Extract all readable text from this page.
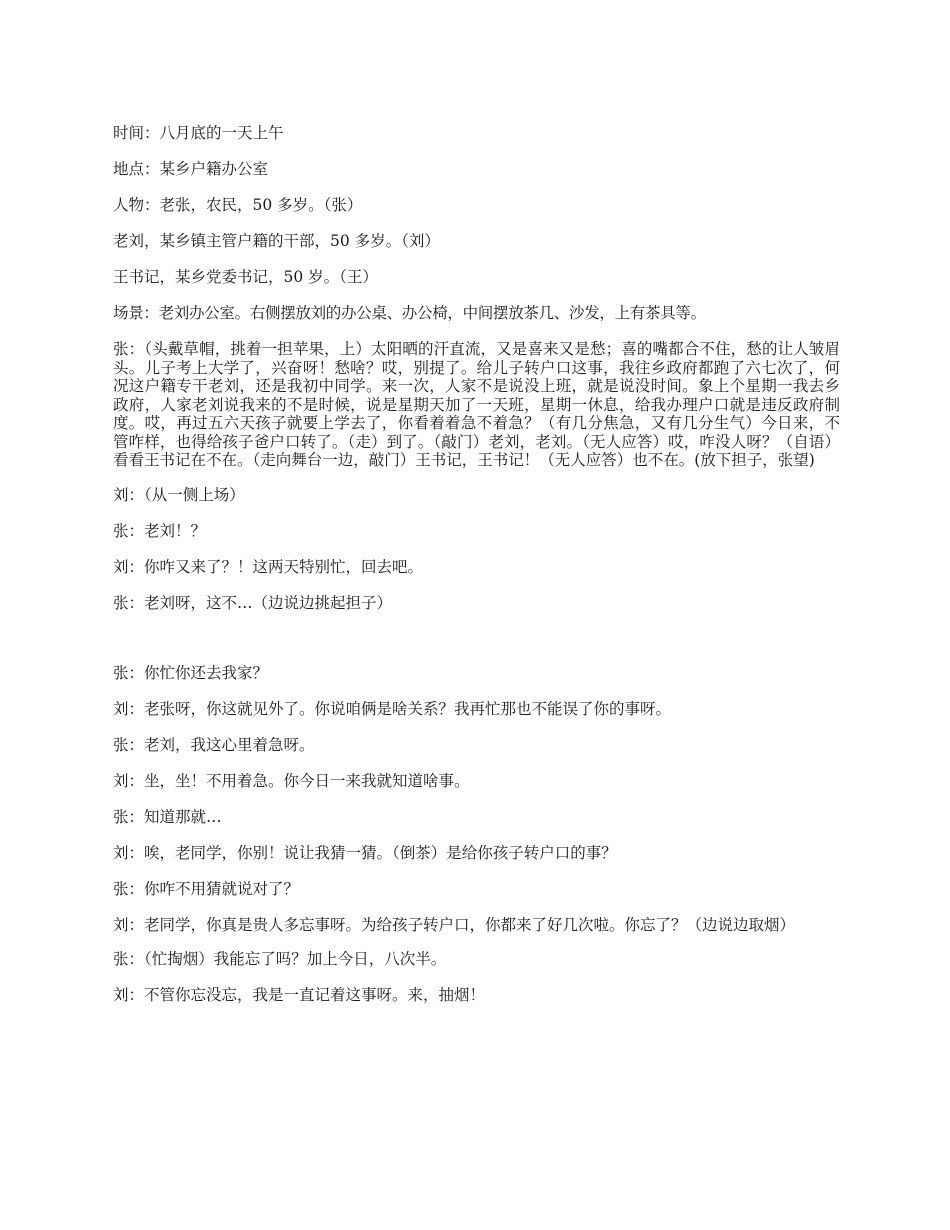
时间：八月底的一天上午

地点：某乡户籍办公室

人物：老张，农民，50 多岁。（张）

老刘，某乡镇主管户籍的干部，50 多岁。（刘）

王书记，某乡党委书记，50 岁。（王）

场景：老刘办公室。右侧摆放刘的办公桌、办公椅，中间摆放茶几、沙发，上有茶具等。

张：（头戴草帽，挑着一担苹果，上）太阳晒的汗直流，又是喜来又是愁；喜的嘴都合不住，愁的让人皱眉头。儿子考上大学了，兴奋呀！愁啥？哎，别提了。给儿子转户口这事，我往乡政府都跑了六七次了，何况这户籍专干老刘，还是我初中同学。来一次，人家不是说没上班，就是说没时间。象上个星期一我去乡政府，人家老刘说我来的不是时候，说是星期天加了一天班，星期一休息，给我办理户口就是违反政府制度。哎，再过五六天孩子就要上学去了，你看着着急不着急？（有几分焦急，又有几分生气）今日来，不管咋样，也得给孩子爸户口转了。（走）到了。（敲门）老刘，老刘。（无人应答）哎，咋没人呀？（自语）看看王书记在不在。（走向舞台一边，敲门）王书记，王书记！（无人应答）也不在。(放下担子，张望)

刘：（从一侧上场）

张：老刘！？

刘：你咋又来了？！这两天特别忙，回去吧。

张：老刘呀，这不…（边说边挑起担子）

张：你忙你还去我家？

刘：老张呀，你这就见外了。你说咱俩是啥关系？我再忙那也不能误了你的事呀。

张：老刘，我这心里着急呀。

刘：坐，坐！不用着急。你今日一来我就知道啥事。

张：知道那就…

刘：唉，老同学，你别！说让我猜一猜。（倒茶）是给你孩子转户口的事？

张：你咋不用猜就说对了？

刘：老同学，你真是贵人多忘事呀。为给孩子转户口，你都来了好几次啦。你忘了？（边说边取烟）

张：（忙掏烟）我能忘了吗？加上今日，八次半。

刘：不管你忘没忘，我是一直记着这事呀。来，抽烟！
